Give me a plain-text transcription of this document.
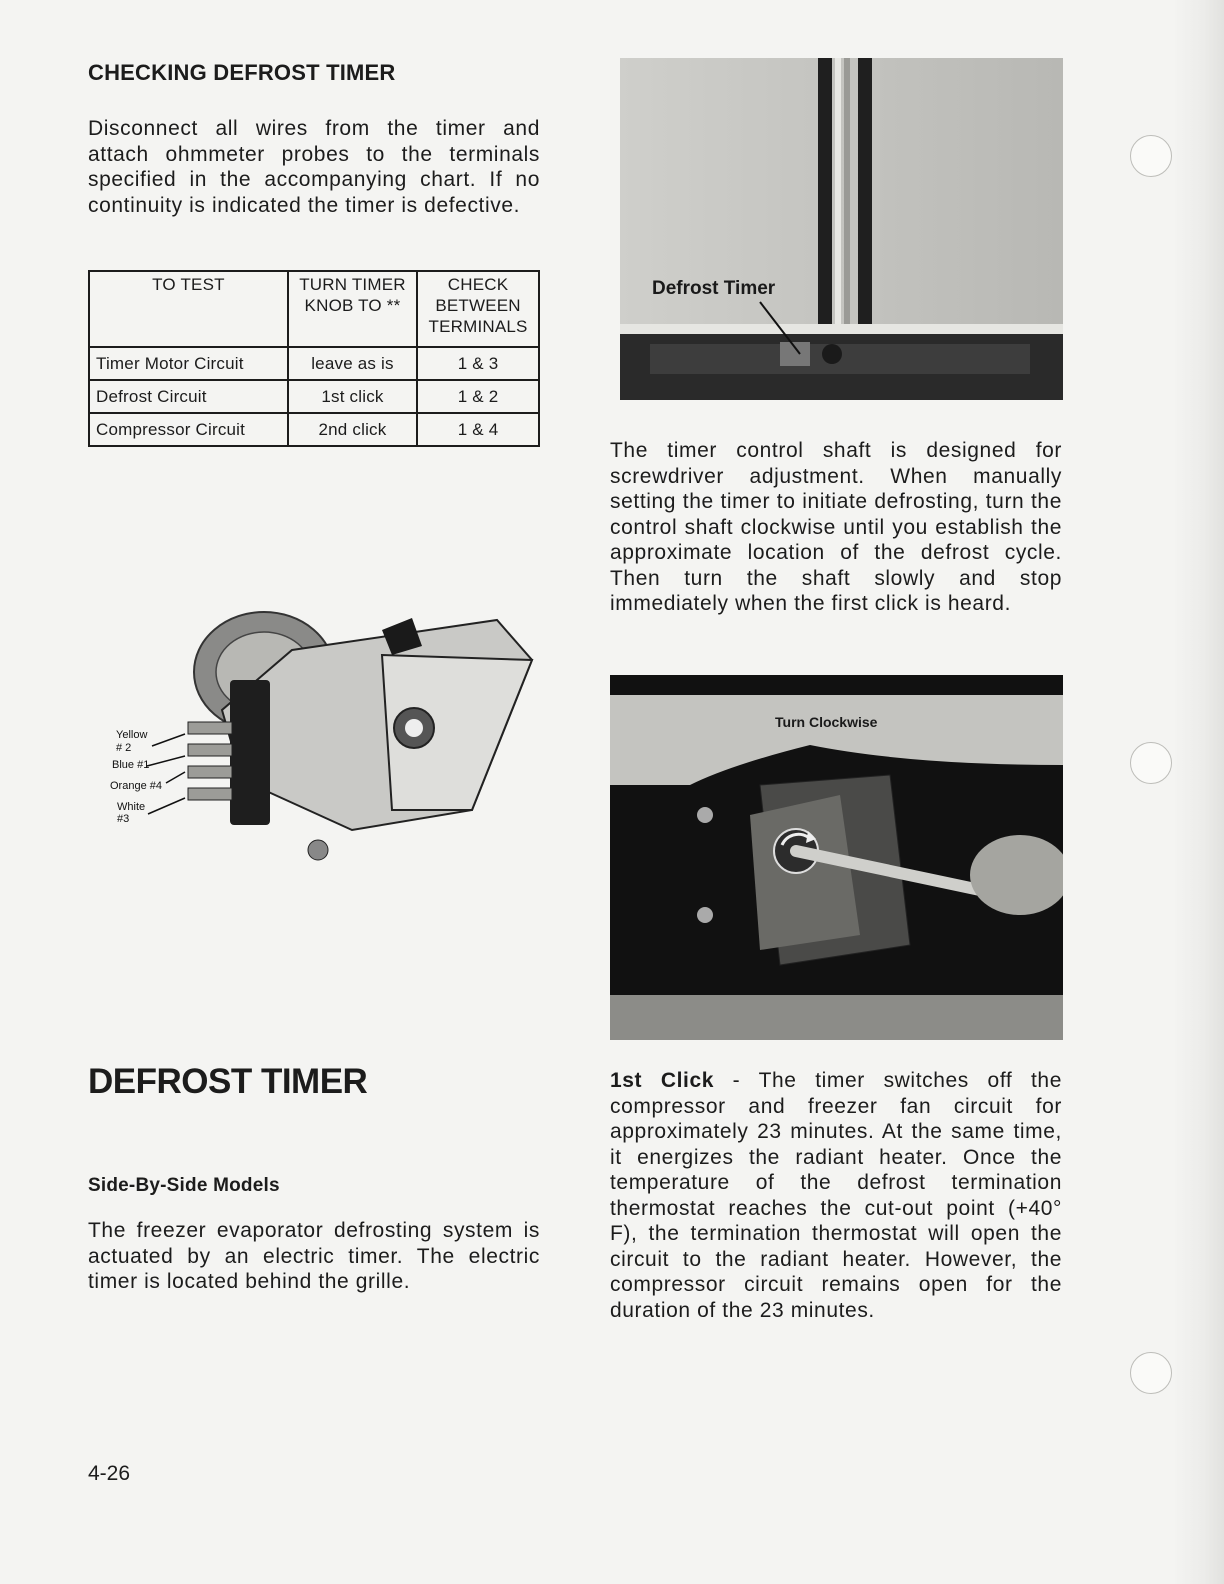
CHECKING DEFROST TIMER

Disconnect all wires from the timer and attach ohmmeter probes to the terminals specified in the accompanying chart. If no continuity is indicated the timer is defective.

TO TEST	TURN TIMER KNOB TO **	CHECK BETWEEN TERMINALS
Timer Motor Circuit	leave as is	1 & 3
Defrost Circuit	1st click	1 & 2
Compressor Circuit	2nd click	1 & 4
Yellow
# 2
Blue #1
Orange #4
White
#3
DEFROST TIMER
Side-By-Side Models

The freezer evaporator defrosting system is actuated by an electric timer. The electric timer is located behind the grille.

4-26
Defrost Timer

The timer control shaft is designed for screwdriver adjustment. When manually setting the timer to initiate defrosting, turn the control shaft clockwise until you establish the approximate location of the defrost cycle. Then turn the shaft slowly and stop immediately when the first click is heard.

Turn Clockwise

1st Click - The timer switches off the compressor and freezer fan circuit for approximately 23 minutes. At the same time, it energizes the radiant heater. Once the temperature of the defrost termination thermostat reaches the cut-out point (+40° F), the termination thermostat will open the circuit to the radiant heater. However, the compressor circuit remains open for the duration of the 23 minutes.
